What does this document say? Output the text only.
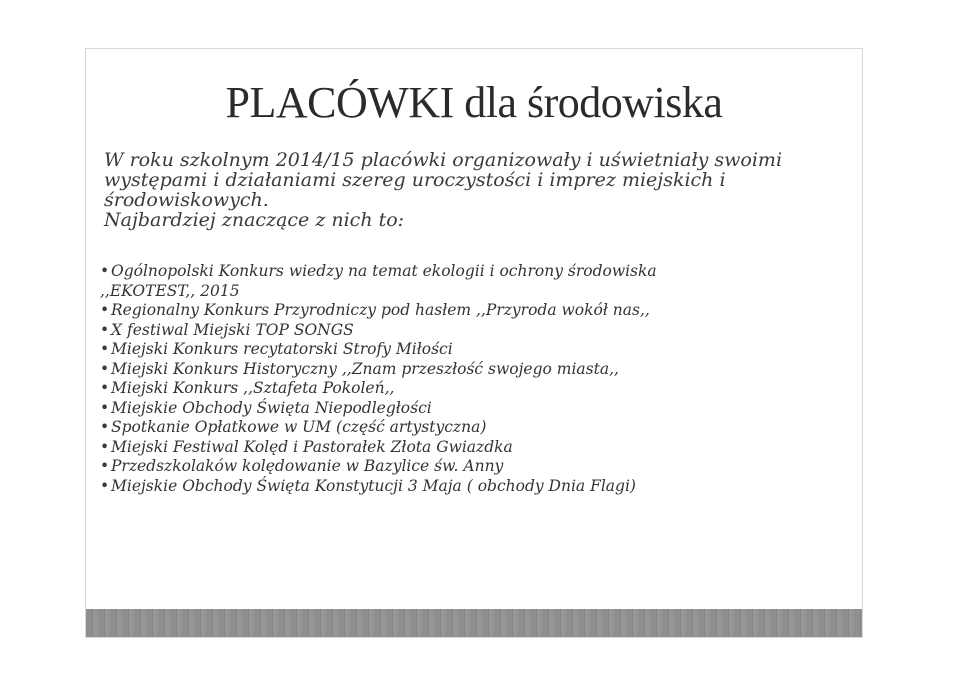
PLACÓWKI dla środowiska

W roku szkolnym 2014/15 placówki organizowały i uświetniały swoimi występami i działaniami szereg uroczystości i imprez miejskich i środowiskowych.

Najbardziej znaczące z nich to:

• Ogólnopolski Konkurs wiedzy na temat ekologii i ochrony środowiska
,,EKOTEST,, 2015
• Regionalny Konkurs Przyrodniczy pod hasłem ,,Przyroda wokół nas,,
• X festiwal Miejski TOP SONGS
• Miejski Konkurs recytatorski Strofy Miłości
• Miejski Konkurs Historyczny ,,Znam przeszłość swojego miasta,,
• Miejski Konkurs ,,Sztafeta Pokoleń,,
• Miejskie Obchody Święta Niepodległości
• Spotkanie Opłatkowe w UM (część artystyczna)
• Miejski Festiwal Kolęd i Pastorałek Złota Gwiazdka
• Przedszkolaków kolędowanie w Bazylice św. Anny
• Miejskie Obchody Święta Konstytucji 3 Maja ( obchody Dnia Flagi)
